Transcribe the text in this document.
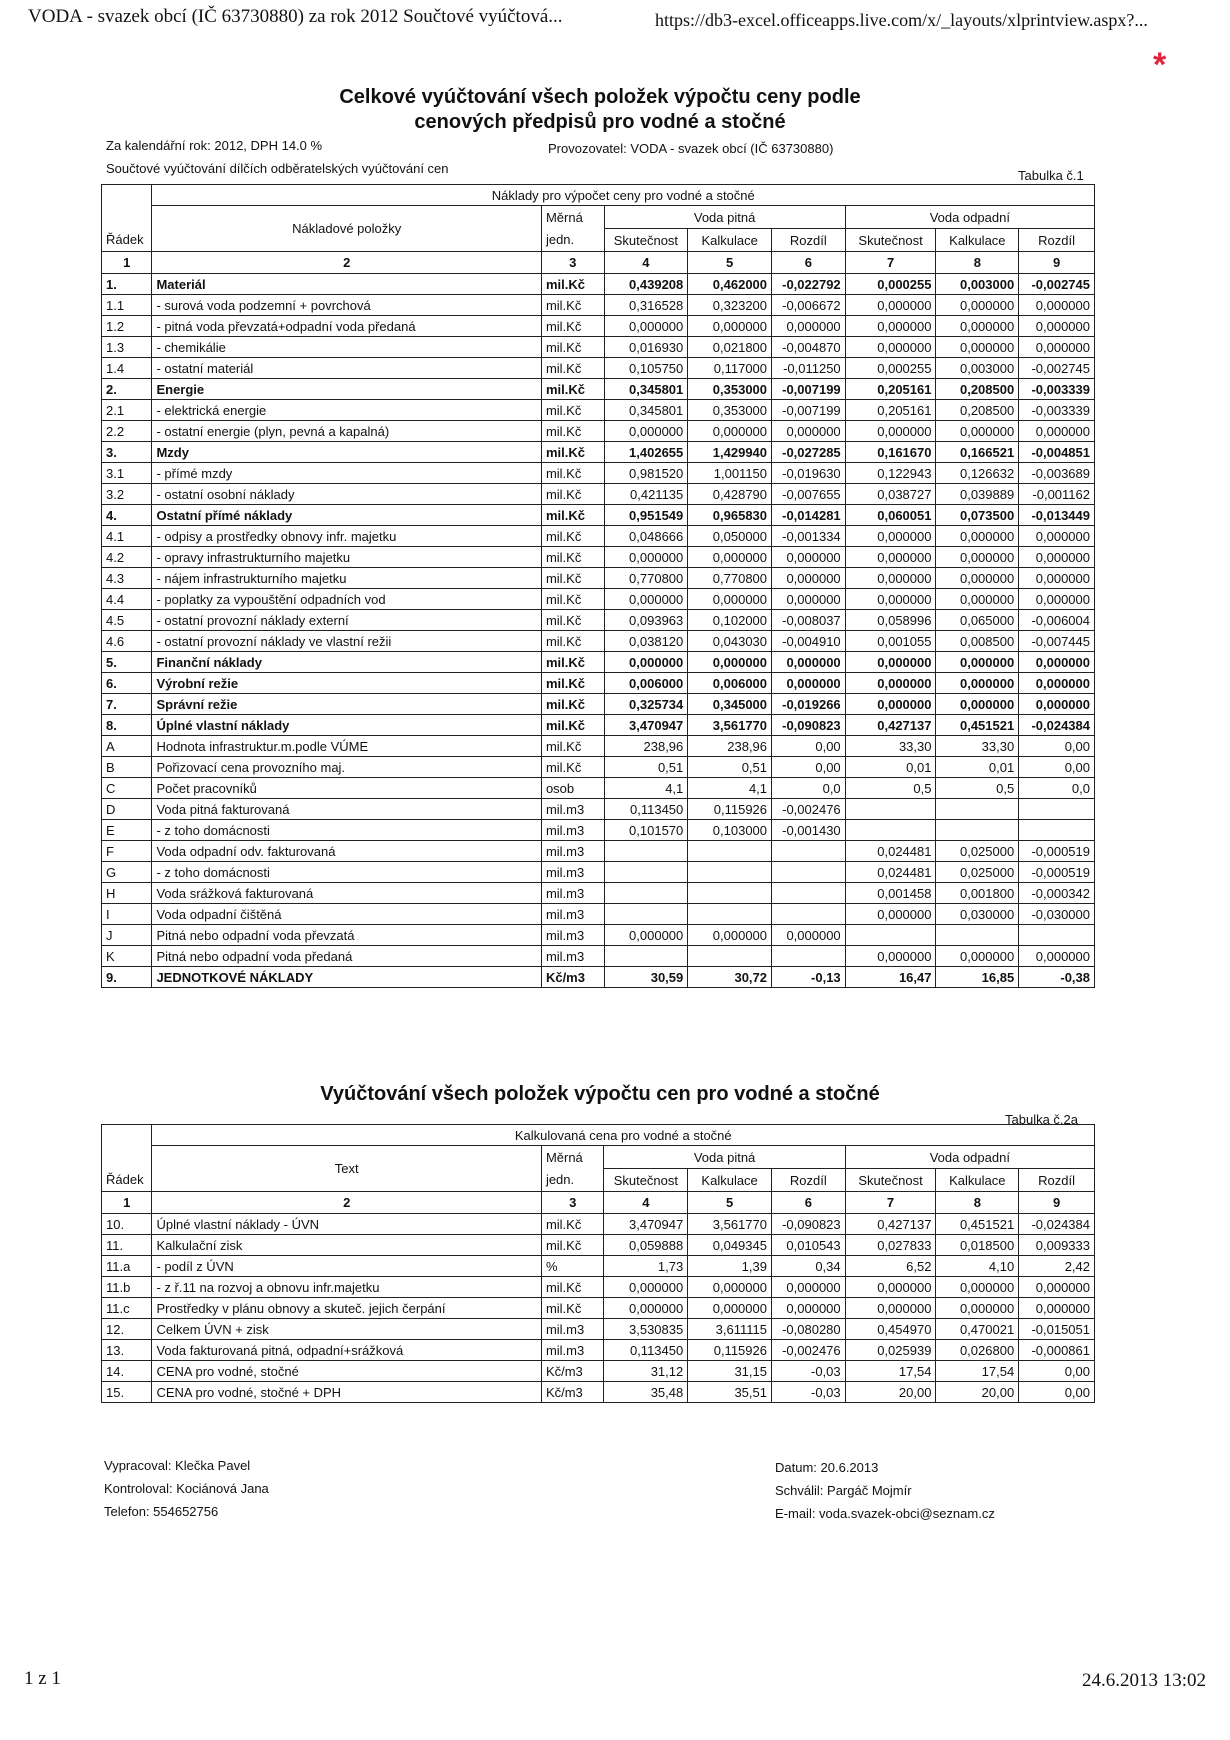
VODA - svazek obcí (IČ 63730880) za rok 2012 Součtové vyúčtová...	https://db3-excel.officeapps.live.com/x/_layouts/xlprintview.aspx?...
*
Celkové vyúčtování všech položek výpočtu ceny podle
cenových předpisů pro vodné a stočné
Za kalendářní rok: 2012, DPH 14.0 %	Provozovatel: VODA - svazek obcí (IČ 63730880)
Součtové vyúčtování dílčích odběratelských vyúčtování cen	Tabulka č.1
	Náklady pro výpočet ceny pro vodné a stočné							
	Nákladové položky	Měrná	Voda pitná			Voda odpadní		
Řádek		jedn.	Skutečnost	Kalkulace	Rozdíl	Skutečnost	Kalkulace	Rozdíl
1	2	3	4	5	6	7	8	9
1.	Materiál	mil.Kč	0,439208	0,462000	-0,022792	0,000255	0,003000	-0,002745
1.1	- surová voda podzemní + povrchová	mil.Kč	0,316528	0,323200	-0,006672	0,000000	0,000000	0,000000
1.2	- pitná voda převzatá+odpadní voda předaná	mil.Kč	0,000000	0,000000	0,000000	0,000000	0,000000	0,000000
1.3	- chemikálie	mil.Kč	0,016930	0,021800	-0,004870	0,000000	0,000000	0,000000
1.4	- ostatní materiál	mil.Kč	0,105750	0,117000	-0,011250	0,000255	0,003000	-0,002745
2.	Energie	mil.Kč	0,345801	0,353000	-0,007199	0,205161	0,208500	-0,003339
2.1	- elektrická energie	mil.Kč	0,345801	0,353000	-0,007199	0,205161	0,208500	-0,003339
2.2	- ostatní energie (plyn, pevná a kapalná)	mil.Kč	0,000000	0,000000	0,000000	0,000000	0,000000	0,000000
3.	Mzdy	mil.Kč	1,402655	1,429940	-0,027285	0,161670	0,166521	-0,004851
3.1	- přímé mzdy	mil.Kč	0,981520	1,001150	-0,019630	0,122943	0,126632	-0,003689
3.2	- ostatní osobní náklady	mil.Kč	0,421135	0,428790	-0,007655	0,038727	0,039889	-0,001162
4.	Ostatní přímé náklady	mil.Kč	0,951549	0,965830	-0,014281	0,060051	0,073500	-0,013449
4.1	- odpisy a prostředky obnovy infr. majetku	mil.Kč	0,048666	0,050000	-0,001334	0,000000	0,000000	0,000000
4.2	- opravy infrastrukturního majetku	mil.Kč	0,000000	0,000000	0,000000	0,000000	0,000000	0,000000
4.3	- nájem infrastrukturního majetku	mil.Kč	0,770800	0,770800	0,000000	0,000000	0,000000	0,000000
4.4	- poplatky za vypouštění odpadních vod	mil.Kč	0,000000	0,000000	0,000000	0,000000	0,000000	0,000000
4.5	- ostatní provozní náklady externí	mil.Kč	0,093963	0,102000	-0,008037	0,058996	0,065000	-0,006004
4.6	- ostatní provozní náklady ve vlastní režii	mil.Kč	0,038120	0,043030	-0,004910	0,001055	0,008500	-0,007445
5.	Finanční náklady	mil.Kč	0,000000	0,000000	0,000000	0,000000	0,000000	0,000000
6.	Výrobní režie	mil.Kč	0,006000	0,006000	0,000000	0,000000	0,000000	0,000000
7.	Správní režie	mil.Kč	0,325734	0,345000	-0,019266	0,000000	0,000000	0,000000
8.	Úplné vlastní náklady	mil.Kč	3,470947	3,561770	-0,090823	0,427137	0,451521	-0,024384
A	Hodnota infrastruktur.m.podle VÚME	mil.Kč	238,96	238,96	0,00	33,30	33,30	0,00
B	Pořizovací cena provozního maj.	mil.Kč	0,51	0,51	0,00	0,01	0,01	0,00
C	Počet pracovníků	osob	4,1	4,1	0,0	0,5	0,5	0,0
D	Voda pitná fakturovaná	mil.m3	0,113450	0,115926	-0,002476			
E	- z toho domácnosti	mil.m3	0,101570	0,103000	-0,001430			
F	Voda odpadní odv. fakturovaná	mil.m3				0,024481	0,025000	-0,000519
G	- z toho domácnosti	mil.m3				0,024481	0,025000	-0,000519
H	Voda srážková fakturovaná	mil.m3				0,001458	0,001800	-0,000342
I	Voda odpadní čištěná	mil.m3				0,000000	0,030000	-0,030000
J	Pitná nebo odpadní voda převzatá	mil.m3	0,000000	0,000000	0,000000			
K	Pitná nebo odpadní voda předaná	mil.m3				0,000000	0,000000	0,000000
9.	JEDNOTKOVÉ NÁKLADY	Kč/m3	30,59	30,72	-0,13	16,47	16,85	-0,38
Vyúčtování všech položek výpočtu cen pro vodné a stočné
Tabulka č.2a
	Kalkulovaná cena pro vodné a stočné							
	Text	Měrná	Voda pitná			Voda odpadní		
Řádek		jedn.	Skutečnost	Kalkulace	Rozdíl	Skutečnost	Kalkulace	Rozdíl
1	2	3	4	5	6	7	8	9
10.	Úplné vlastní náklady - ÚVN	mil.Kč	3,470947	3,561770	-0,090823	0,427137	0,451521	-0,024384
11.	Kalkulační zisk	mil.Kč	0,059888	0,049345	0,010543	0,027833	0,018500	0,009333
11.a	- podíl z ÚVN	%	1,73	1,39	0,34	6,52	4,10	2,42
11.b	- z ř.11 na rozvoj a obnovu infr.majetku	mil.Kč	0,000000	0,000000	0,000000	0,000000	0,000000	0,000000
11.c	Prostředky v plánu obnovy a skuteč. jejich čerpání	mil.Kč	0,000000	0,000000	0,000000	0,000000	0,000000	0,000000
12.	Celkem ÚVN + zisk	mil.m3	3,530835	3,611115	-0,080280	0,454970	0,470021	-0,015051
13.	Voda fakturovaná pitná, odpadní+srážková	mil.m3	0,113450	0,115926	-0,002476	0,025939	0,026800	-0,000861
14.	CENA pro vodné, stočné	Kč/m3	31,12	31,15	-0,03	17,54	17,54	0,00
15.	CENA pro vodné, stočné + DPH	Kč/m3	35,48	35,51	-0,03	20,00	20,00	0,00
Vypracoval: Klečka Pavel
Kontroloval: Kociánová Jana
Telefon: 554652756
Datum: 20.6.2013
Schválil: Pargáč Mojmír
E-mail: voda.svazek-obci@seznam.cz
1 z 1	24.6.2013 13:02
